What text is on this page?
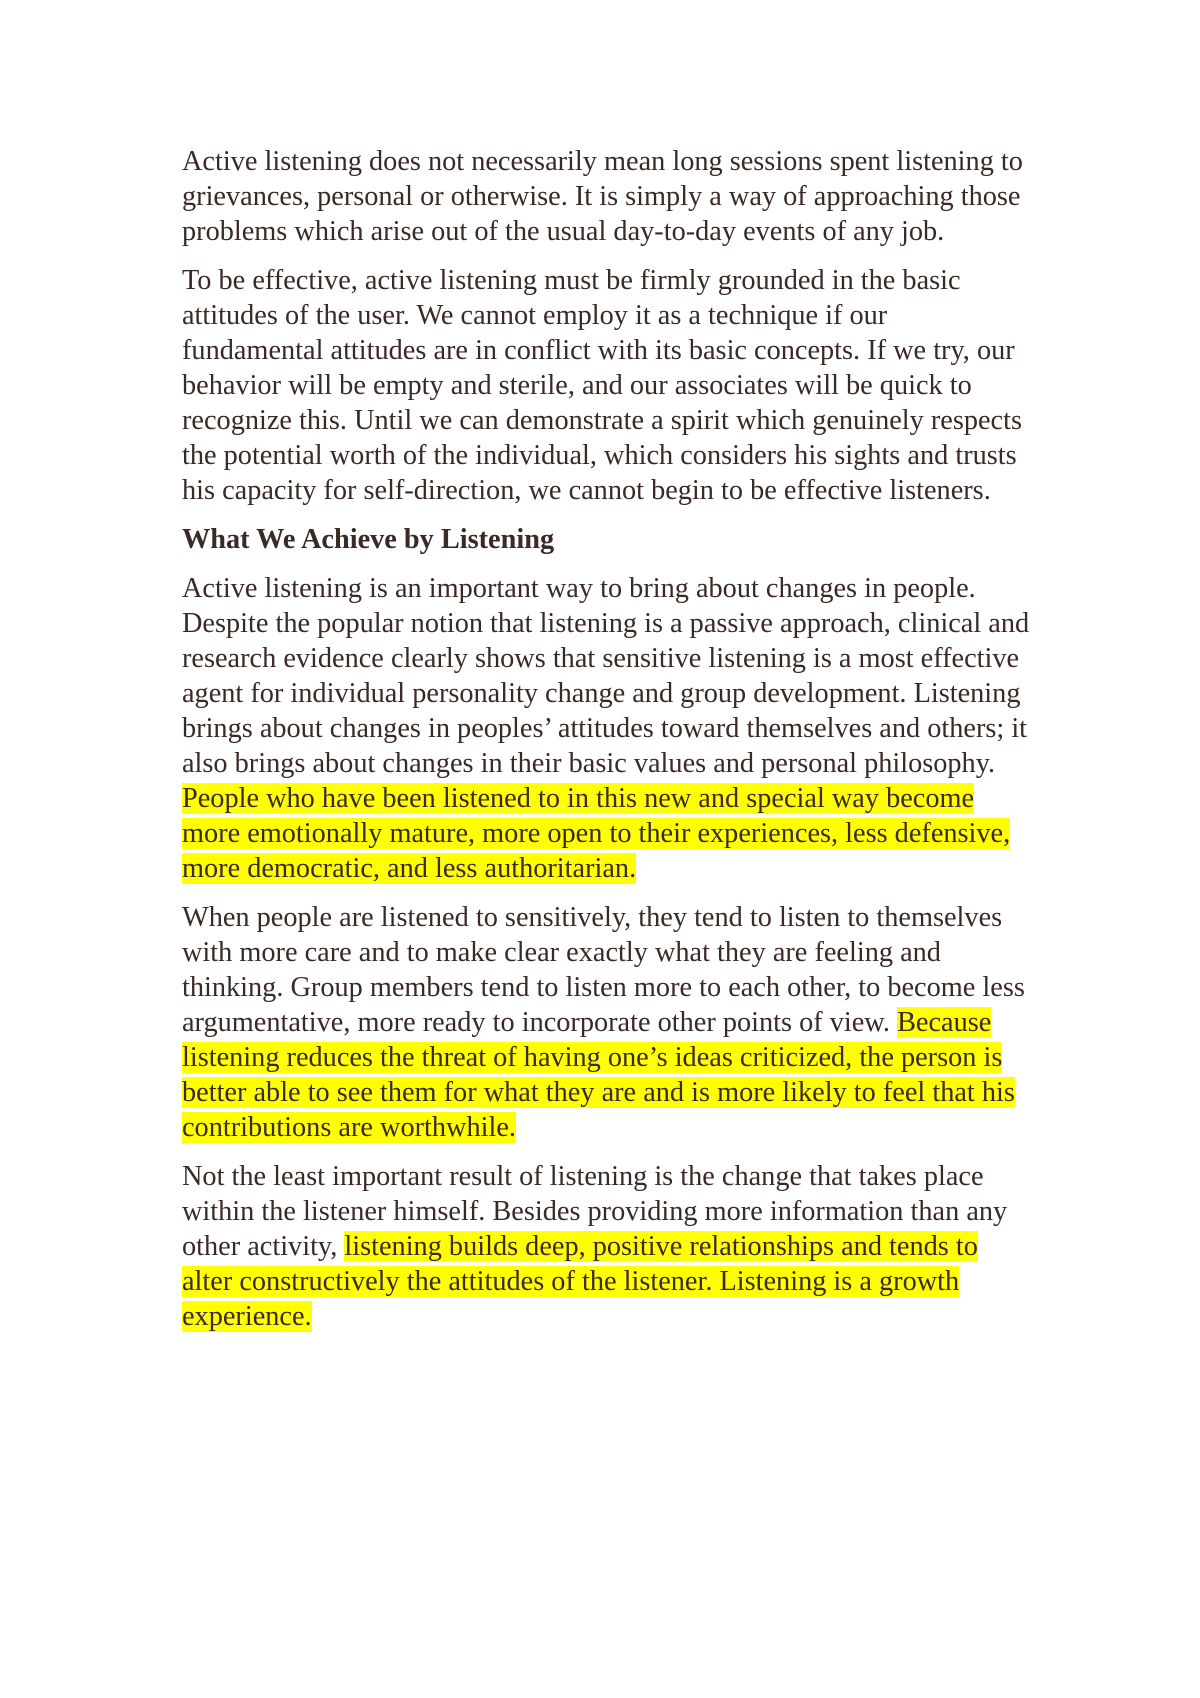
Active listening does not necessarily mean long sessions spent listening to grievances, personal or otherwise. It is simply a way of approaching those problems which arise out of the usual day-to-day events of any job.

To be effective, active listening must be firmly grounded in the basic attitudes of the user. We cannot employ it as a technique if our fundamental attitudes are in conflict with its basic concepts. If we try, our behavior will be empty and sterile, and our associates will be quick to recognize this. Until we can demonstrate a spirit which genuinely respects the potential worth of the individual, which considers his sights and trusts his capacity for self-direction, we cannot begin to be effective listeners.

What We Achieve by Listening

Active listening is an important way to bring about changes in people. Despite the popular notion that listening is a passive approach, clinical and research evidence clearly shows that sensitive listening is a most effective agent for individual personality change and group development. Listening brings about changes in peoples’ attitudes toward themselves and others; it also brings about changes in their basic values and personal philosophy. People who have been listened to in this new and special way become more emotionally mature, more open to their experiences, less defensive, more democratic, and less authoritarian.

When people are listened to sensitively, they tend to listen to themselves with more care and to make clear exactly what they are feeling and thinking. Group members tend to listen more to each other, to become less argumentative, more ready to incorporate other points of view. Because listening reduces the threat of having one’s ideas criticized, the person is better able to see them for what they are and is more likely to feel that his contributions are worthwhile.

Not the least important result of listening is the change that takes place within the listener himself. Besides providing more information than any other activity, listening builds deep, positive relationships and tends to alter constructively the attitudes of the listener. Listening is a growth experience.
